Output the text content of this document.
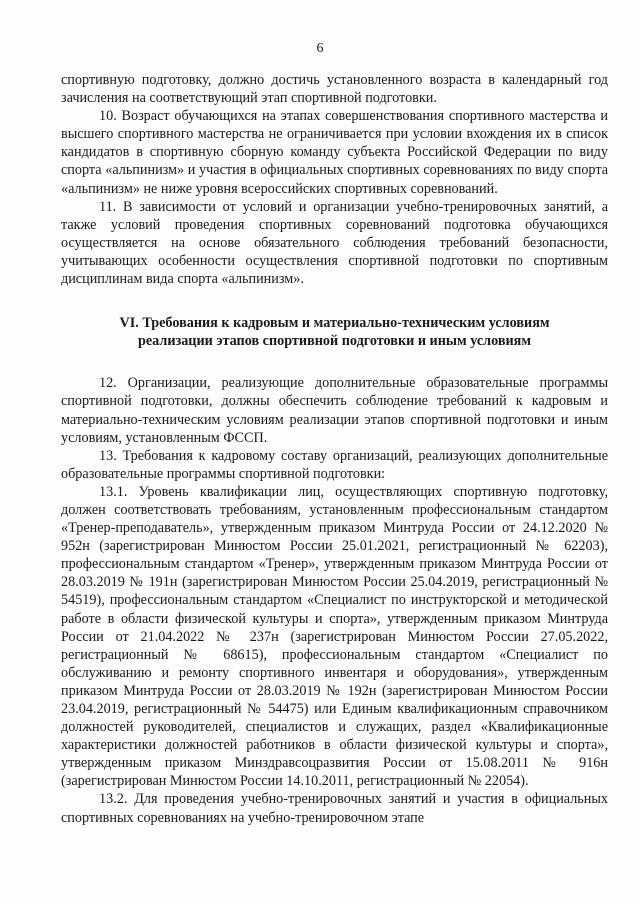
6

спортивную подготовку, должно достичь установленного возраста в календарный год зачисления на соответствующий этап спортивной подготовки.

10. Возраст обучающихся на этапах совершенствования спортивного мастерства и высшего спортивного мастерства не ограничивается при условии вхождения их в список кандидатов в спортивную сборную команду субъекта Российской Федерации по виду спорта «альпинизм» и участия в официальных спортивных соревнованиях по виду спорта «альпинизм» не ниже уровня всероссийских спортивных соревнований.

11. В зависимости от условий и организации учебно-тренировочных занятий, а также условий проведения спортивных соревнований подготовка обучающихся осуществляется на основе обязательного соблюдения требований безопасности, учитывающих особенности осуществления спортивной подготовки по спортивным дисциплинам вида спорта «альпинизм».

VI. Требования к кадровым и материально-техническим условиям
реализации этапов спортивной подготовки и иным условиям

12. Организации, реализующие дополнительные образовательные программы спортивной подготовки, должны обеспечить соблюдение требований к кадровым и материально-техническим условиям реализации этапов спортивной подготовки и иным условиям, установленным ФССП.

13. Требования к кадровому составу организаций, реализующих дополнительные образовательные программы спортивной подготовки:

13.1. Уровень квалификации лиц, осуществляющих спортивную подготовку, должен соответствовать требованиям, установленным профессиональным стандартом «Тренер-преподаватель», утвержденным приказом Минтруда России от 24.12.2020 № 952н (зарегистрирован Минюстом России 25.01.2021, регистрационный № 62203), профессиональным стандартом «Тренер», утвержденным приказом Минтруда России от 28.03.2019 № 191н (зарегистрирован Минюстом России 25.04.2019, регистрационный № 54519), профессиональным стандартом «Специалист по инструкторской и методической работе в области физической культуры и спорта», утвержденным приказом Минтруда России от 21.04.2022 № 237н (зарегистрирован Минюстом России 27.05.2022, регистрационный № 68615), профессиональным стандартом «Специалист по обслуживанию и ремонту спортивного инвентаря и оборудования», утвержденным приказом Минтруда России от 28.03.2019 № 192н (зарегистрирован Минюстом России 23.04.2019, регистрационный № 54475) или Единым квалификационным справочником должностей руководителей, специалистов и служащих, раздел «Квалификационные характеристики должностей работников в области физической культуры и спорта», утвержденным приказом Минздравсоцразвития России от 15.08.2011 № 916н (зарегистрирован Минюстом России 14.10.2011, регистрационный № 22054).

13.2. Для проведения учебно-тренировочных занятий и участия в официальных спортивных соревнованиях на учебно-тренировочном этапе
